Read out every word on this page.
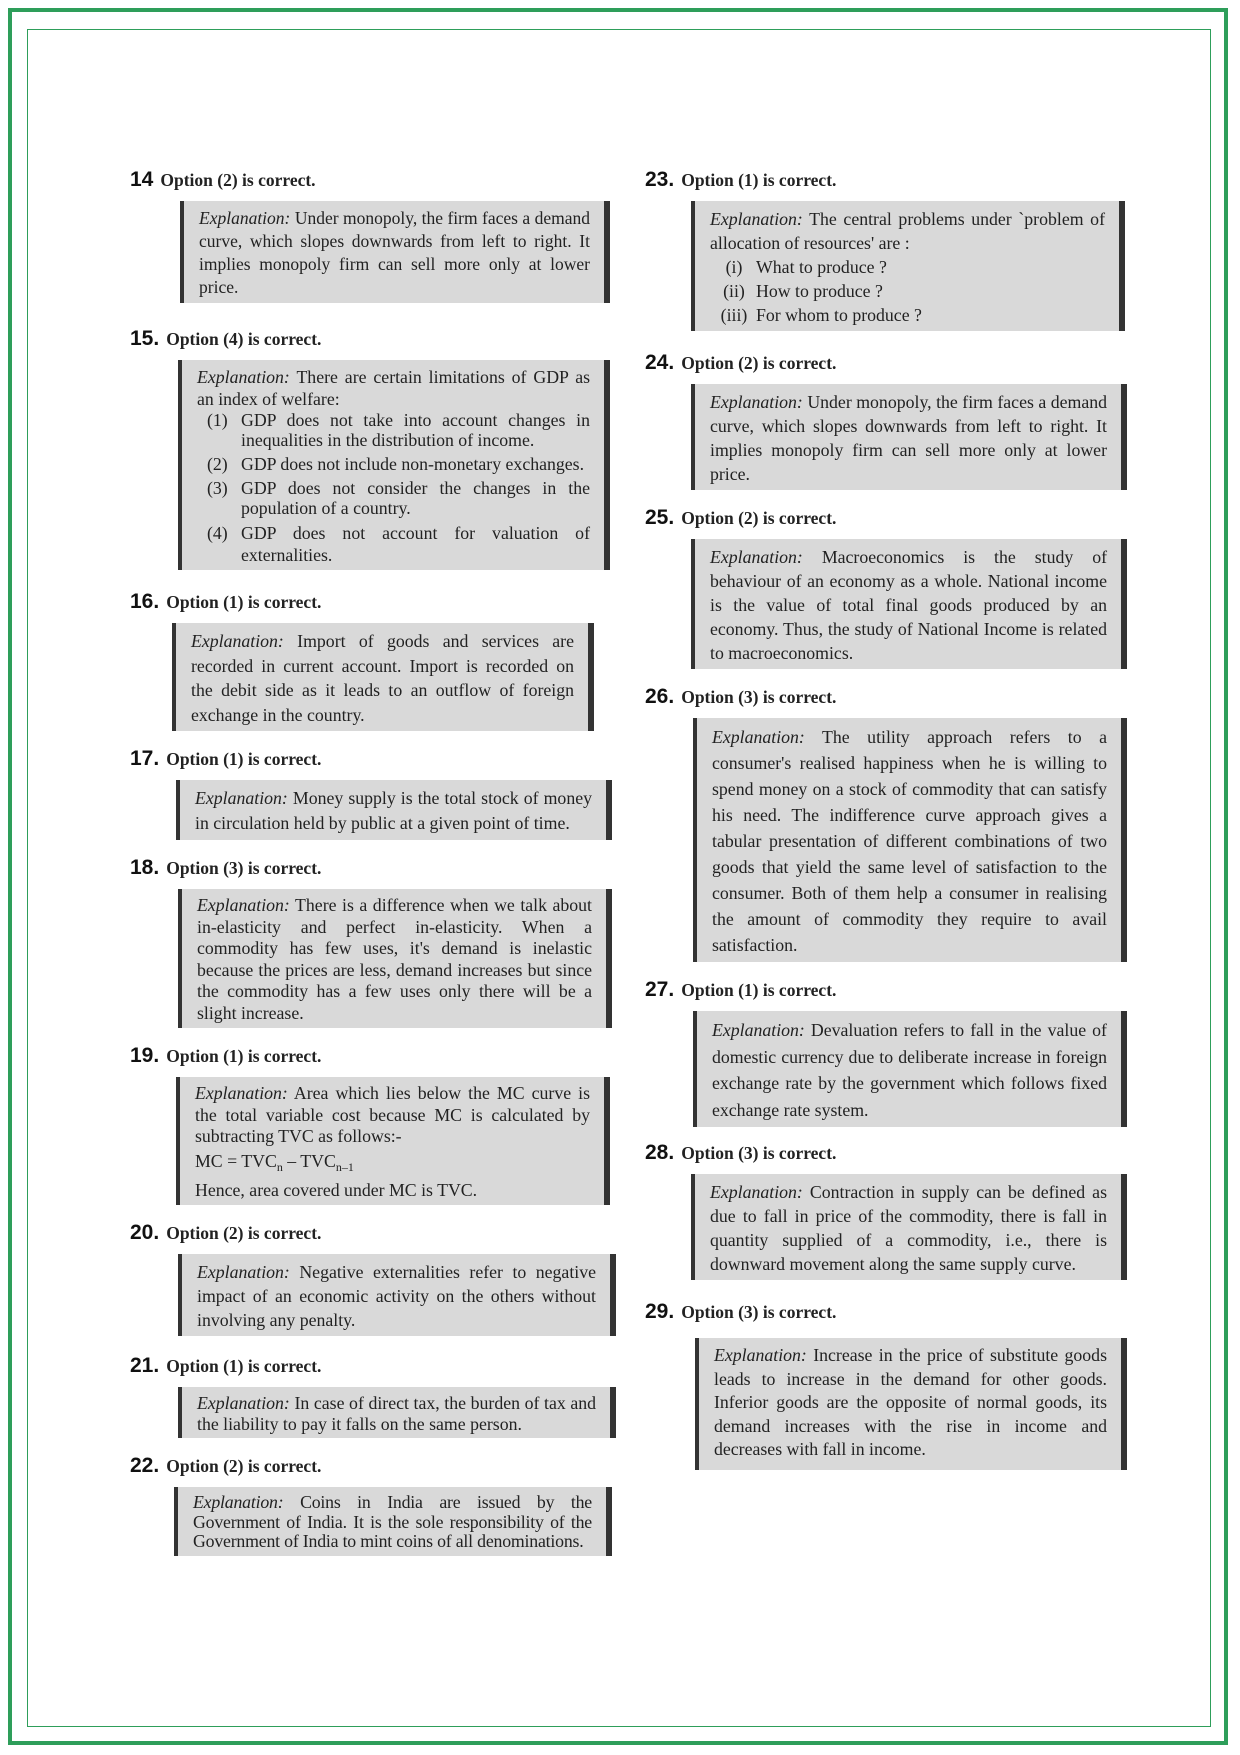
14 Option (2) is correct.

Explanation: Under monopoly, the firm faces a demand curve, which slopes downwards from left to right. It implies monopoly firm can sell more only at lower price.

15. Option (4) is correct.

Explanation: There are certain limitations of GDP as an index of welfare:

(1) GDP does not take into account changes in inequalities in the distribution of income.
(2) GDP does not include non-monetary exchanges.
(3) GDP does not consider the changes in the population of a country.
(4) GDP does not account for valuation of externalities.
16. Option (1) is correct.

Explanation: Import of goods and services are recorded in current account. Import is recorded on the debit side as it leads to an outflow of foreign exchange in the country.

17. Option (1) is correct.

Explanation: Money supply is the total stock of money in circulation held by public at a given point of time.

18. Option (3) is correct.

Explanation: There is a difference when we talk about in-elasticity and perfect in-elasticity. When a commodity has few uses, it's demand is inelastic because the prices are less, demand increases but since the commodity has a few uses only there will be a slight increase.

19. Option (1) is correct.

Explanation: Area which lies below the MC curve is the total variable cost because MC is calculated by subtracting TVC as follows:-

MC = $TVC_n - TVC_{n-1}$

Hence, area covered under MC is TVC.

20. Option (2) is correct.

Explanation: Negative externalities refer to negative impact of an economic activity on the others without involving any penalty.

21. Option (1) is correct.

Explanation: In case of direct tax, the burden of tax and the liability to pay it falls on the same person.

22. Option (2) is correct.

Explanation: Coins in India are issued by the Government of India. It is the sole responsibility of the Government of India to mint coins of all denominations.

23. Option (1) is correct.

Explanation: The central problems under `problem of allocation of resources' are :

(i) What to produce ?
(ii) How to produce ?
(iii) For whom to produce ?
24. Option (2) is correct.

Explanation: Under monopoly, the firm faces a demand curve, which slopes downwards from left to right. It implies monopoly firm can sell more only at lower price.

25. Option (2) is correct.

Explanation: Macroeconomics is the study of behaviour of an economy as a whole. National income is the value of total final goods produced by an economy. Thus, the study of National Income is related to macroeconomics.

26. Option (3) is correct.

Explanation: The utility approach refers to a consumer's realised happiness when he is willing to spend money on a stock of commodity that can satisfy his need. The indifference curve approach gives a tabular presentation of different combinations of two goods that yield the same level of satisfaction to the consumer. Both of them help a consumer in realising the amount of commodity they require to avail satisfaction.

27. Option (1) is correct.

Explanation: Devaluation refers to fall in the value of domestic currency due to deliberate increase in foreign exchange rate by the government which follows fixed exchange rate system.

28. Option (3) is correct.

Explanation: Contraction in supply can be defined as due to fall in price of the commodity, there is fall in quantity supplied of a commodity, i.e., there is downward movement along the same supply curve.

29. Option (3) is correct.

Explanation: Increase in the price of substitute goods leads to increase in the demand for other goods. Inferior goods are the opposite of normal goods, its demand increases with the rise in income and decreases with fall in income.
